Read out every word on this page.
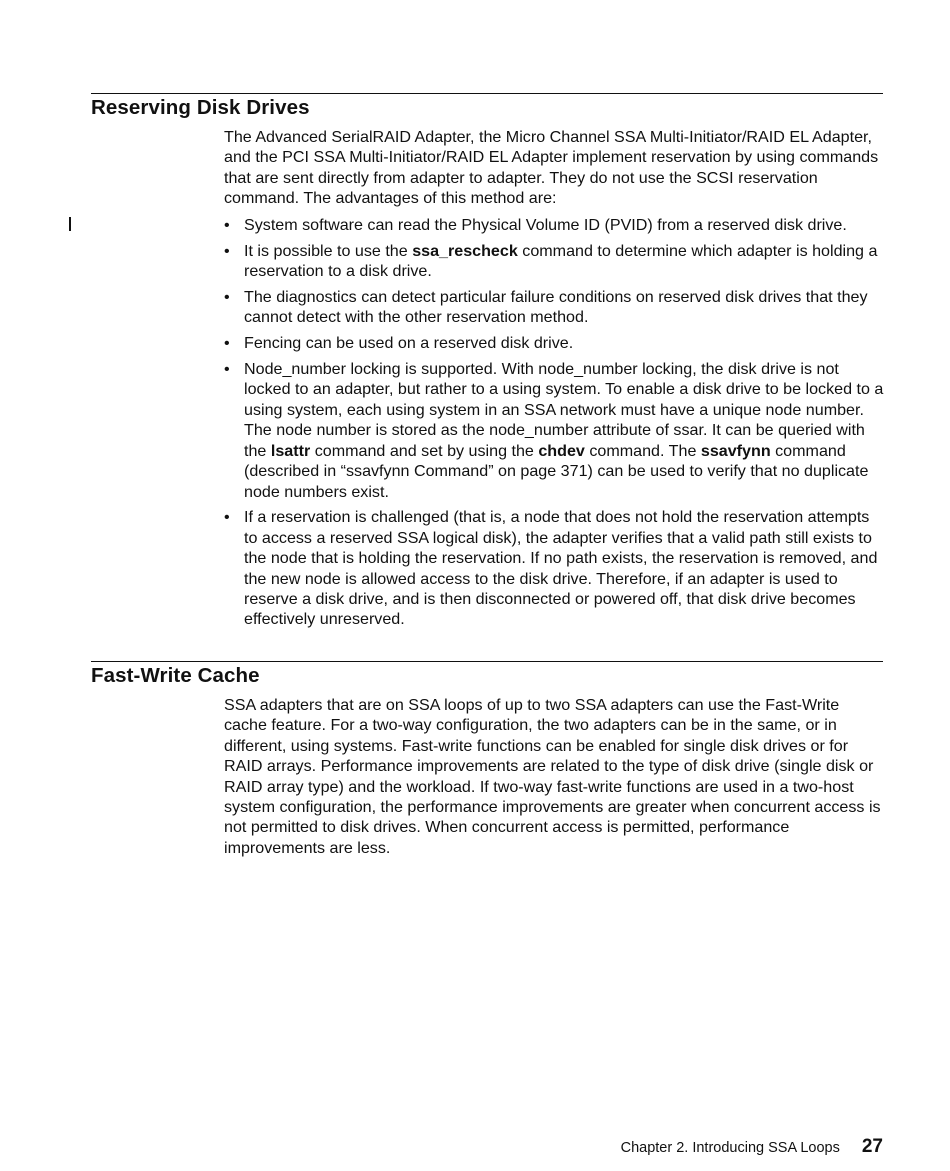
Reserving Disk Drives

The Advanced SerialRAID Adapter, the Micro Channel SSA Multi-Initiator/RAID EL Adapter, and the PCI SSA Multi-Initiator/RAID EL Adapter implement reservation by using commands that are sent directly from adapter to adapter. They do not use the SCSI reservation command. The advantages of this method are:

• System software can read the Physical Volume ID (PVID) from a reserved disk drive.
• It is possible to use the ssa_rescheck command to determine which adapter is holding a reservation to a disk drive.
• The diagnostics can detect particular failure conditions on reserved disk drives that they cannot detect with the other reservation method.
• Fencing can be used on a reserved disk drive.
• Node_number locking is supported. With node_number locking, the disk drive is not locked to an adapter, but rather to a using system. To enable a disk drive to be locked to a using system, each using system in an SSA network must have a unique node number. The node number is stored as the node_number attribute of ssar. It can be queried with the lsattr command and set by using the chdev command. The ssavfynn command (described in “ssavfynn Command” on page 371) can be used to verify that no duplicate node numbers exist.
• If a reservation is challenged (that is, a node that does not hold the reservation attempts to access a reserved SSA logical disk), the adapter verifies that a valid path still exists to the node that is holding the reservation. If no path exists, the reservation is removed, and the new node is allowed access to the disk drive. Therefore, if an adapter is used to reserve a disk drive, and is then disconnected or powered off, that disk drive becomes effectively unreserved.
Fast-Write Cache

SSA adapters that are on SSA loops of up to two SSA adapters can use the Fast-Write cache feature. For a two-way configuration, the two adapters can be in the same, or in different, using systems. Fast-write functions can be enabled for single disk drives or for RAID arrays. Performance improvements are related to the type of disk drive (single disk or RAID array type) and the workload. If two-way fast-write functions are used in a two-host system configuration, the performance improvements are greater when concurrent access is not permitted to disk drives. When concurrent access is permitted, performance improvements are less.

Chapter 2. Introducing SSA Loops 27
